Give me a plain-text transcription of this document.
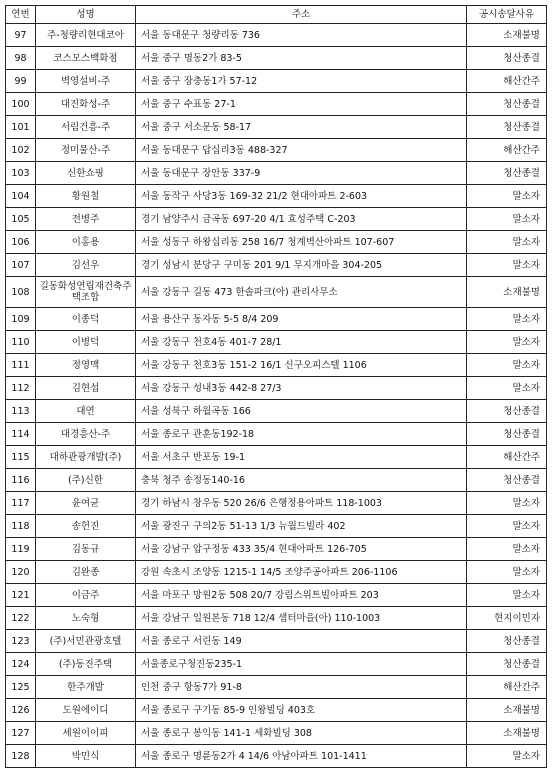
연번	성명	주소	공시송달사유
97	주-청량리현대코아	서울 동대문구 청량리동 736	소재불명
98	코스모스백화점	서울 중구 명동2가 83-5	청산종결
99	벽영설비-주	서울 중구 장충동1가 57-12	해산간주
100	대진화성-주	서울 중구 수표동 27-1	청산종결
101	서림건흥-주	서울 중구 서소문동 58-17	청산종결
102	정미물산-주	서울 동대문구 답십리3동 488-327	해산간주
103	신한쇼핑	서울 동대문구 장안동 337-9	청산종결
104	황원철	서울 동작구 사당3동 169-32 21/2 현대아파트 2-603	말소자
105	전병주	경기 남양주시 금곡동 697-20 4/1 효성주택 C-203	말소자
106	이홍용	서울 성동구 하왕십리동 258 16/7 청계벽산아파트 107-607	말소자
107	김선우	경기 성남시 분당구 구미동 201 9/1 무지개마을 304-205	말소자
108	길동화성연립재건축주택조합	서울 강동구 길동 473 한솔파크(아) 관리사무소	소재불명
109	이종덕	서울 용산구 동자동 5-5 8/4 209	말소자
110	이병덕	서울 강동구 천호4동 401-7 28/1	말소자
111	정영맥	서울 강동구 천호3동 151-2 16/1 신구오피스텔 1106	말소자
112	김현섭	서울 강동구 성내3동 442-8 27/3	말소자
113	대연	서울 성북구 하월곡동 166	청산종결
114	대경흥산-주	서울 종로구 관훈동192-18	청산종결
115	대하관광개발(주)	서울 서초구 반포동 19-1	해산간주
116	(주)신한	충북 청주 송정동140-16	청산종결
117	윤여균	경기 하남시 창우동 520 26/6 은행정용아파트 118-1003	말소자
118	송헌진	서울 광진구 구의2동 51-13 1/3 뉴월드빌라 402	말소자
119	김동규	서울 강남구 압구정동 433 35/4 현대아파트 126-705	말소자
120	김완종	강원 속초시 조양동 1215-1 14/5 조양주공아파트 206-1106	말소자
121	이금주	서울 마포구 망원2동 508 20/7 강림스위트빌아파트 203	말소자
122	노숙형	서울 강남구 일원본동 718 12/4 샘터마을(아) 110-1003	현지이민자
123	(주)서민관광호텔	서울 종로구 서린동 149	청산종결
124	(주)동진주택	서울종로구청진동235-1	청산종결
125	한주개발	인천 중구 항동7가 91-8	해산간주
126	도원에이디	서울 종로구 구기동 85-9 인왕빌딩 403호	소재불명
127	세원이이피	서울 종로구 봉익동 141-1 세화빌딩 308	소재불명
128	박민식	서울 종로구 명륜동2가 4 14/6 아남아파트 101-1411	말소자
